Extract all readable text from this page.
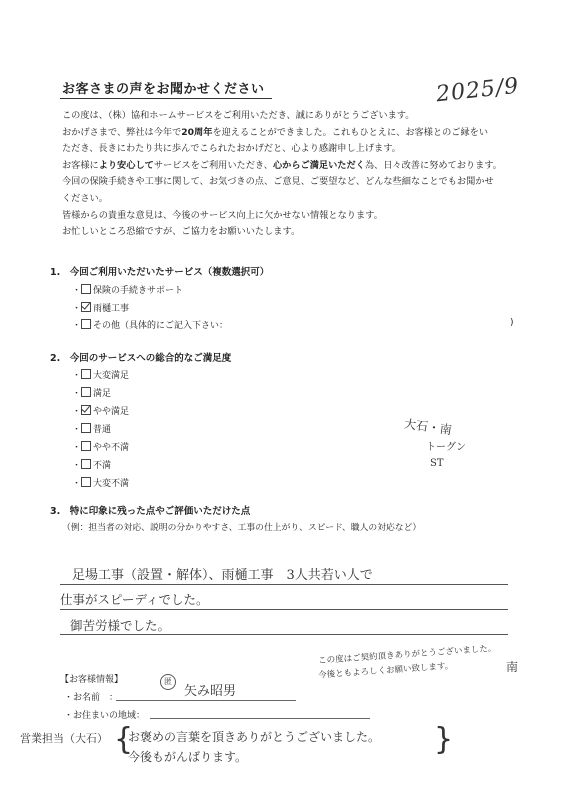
お客さまの声をお聞かせください	2025/9

この度は、（株）協和ホームサービスをご利用いただき、誠にありがとうございます。

おかげさまで、弊社は今年で20周年を迎えることができました。これもひとえに、お客様とのご縁をい

ただき、長きにわたり共に歩んでこられたおかげだと、心より感謝申し上げます。

お客様により安心してサービスをご利用いただき、心からご満足いただく為、日々改善に努めております。

今回の保険手続きや工事に関して、お気づきの点、ご意見、ご要望など、どんな些細なことでもお聞かせ

ください。

皆様からの貴重な意見は、今後のサービス向上に欠かせない情報となります。

お忙しいところ恐縮ですが、ご協力をお願いいたします。

1.　今回ご利用いただいたサービス（複数選択可）
・ 保険の手続きサポート
・ 雨樋工事
・ その他（具体的にご記入下さい：	)
2.　今回のサービスへの総合的なご満足度
・ 大変満足
・ 満足
・ やや満足
・ 普通
・ やや不満
・ 不満
・ 大変不満
大石・南
トーグン
ST
3.　特に印象に残った点やご評価いただけた点
（例：担当者の対応、説明の分かりやすさ、工事の仕上がり、スピード、職人の対応など）
足場工事（設置・解体）、雨樋工事　3人共若い人で
仕事がスピーディでした。
御苦労様でした。
この度はご契約頂きありがとうございました。
今後ともよろしくお願い致します。	南
【お客様情報】
・お名前　：
匿
矢み昭男
・お住まいの地域：
営業担当（大石） {
お褒めの言葉を頂きありがとうございました。
今後もがんばります。	}
